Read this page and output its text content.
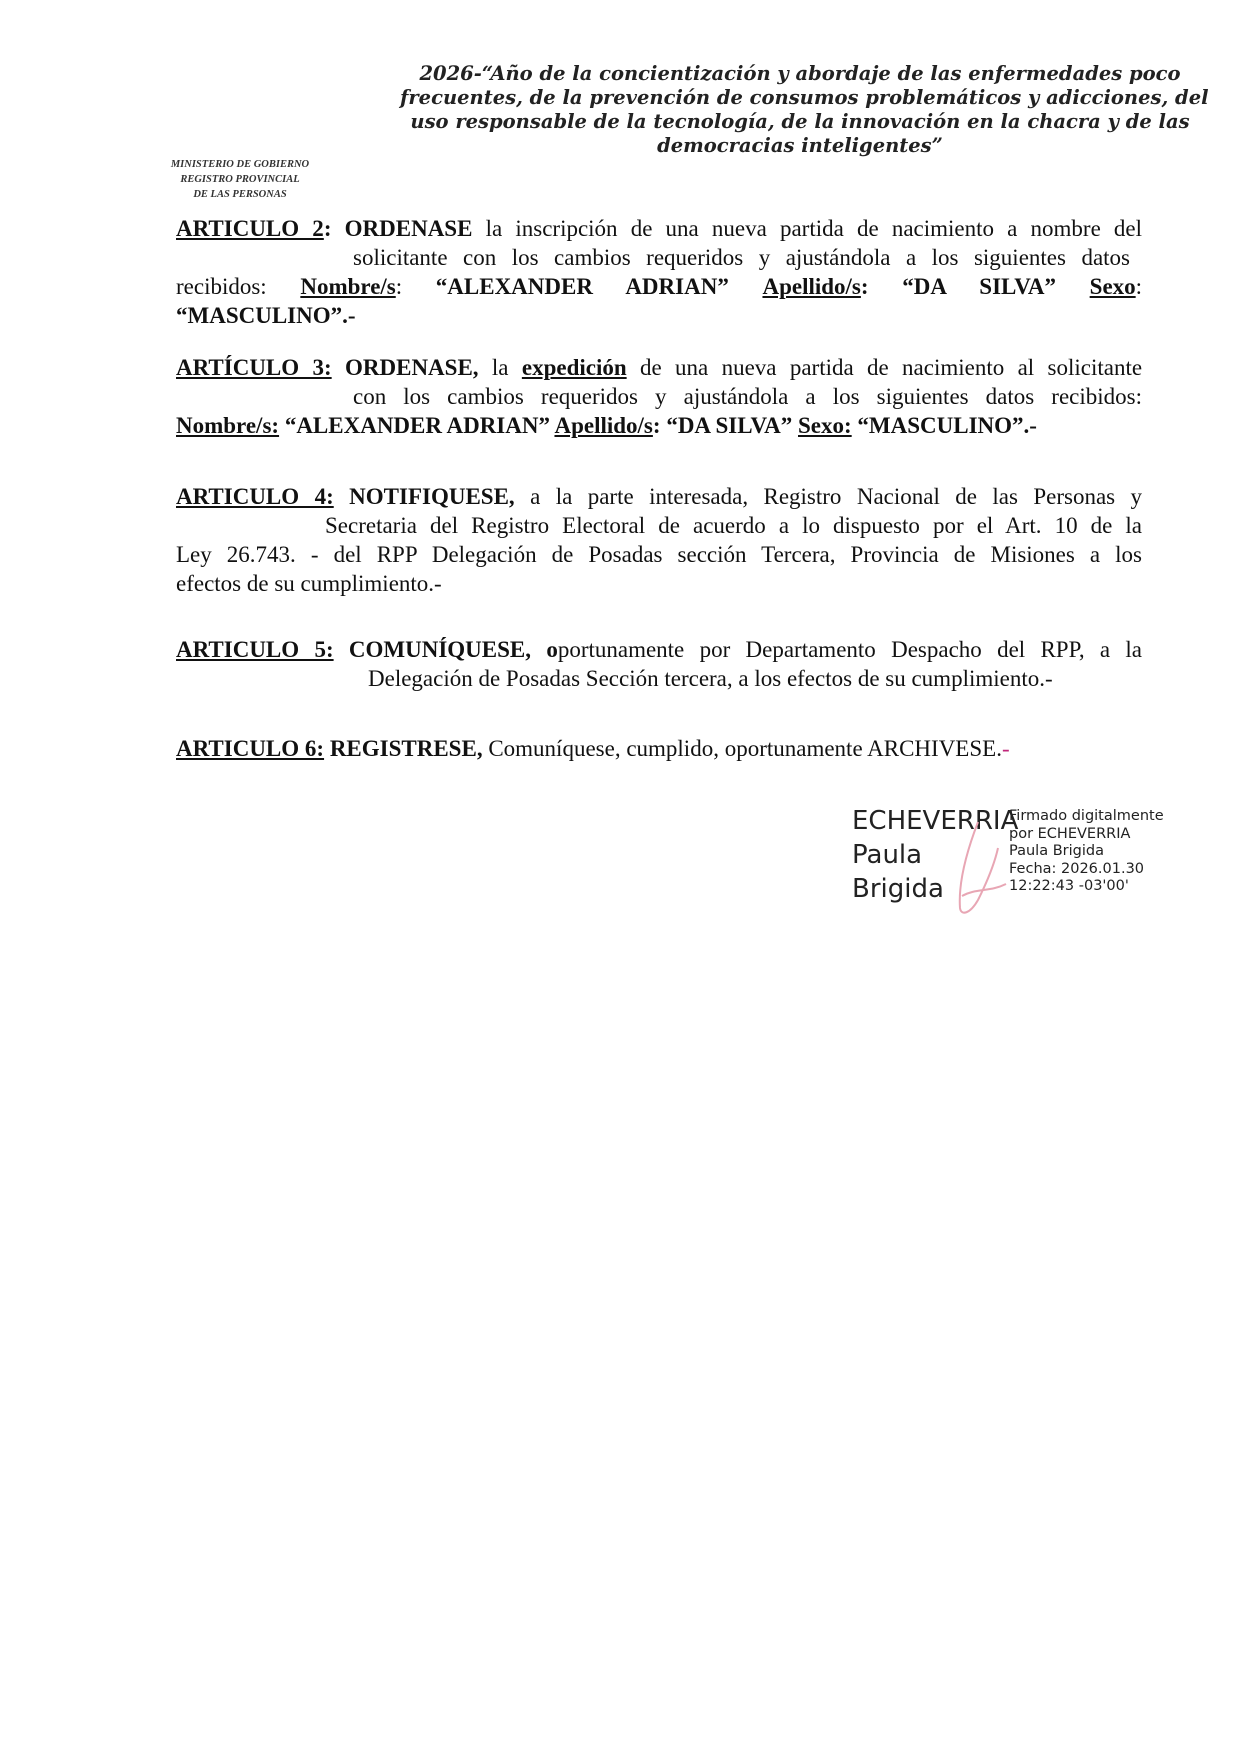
2026-“Año de la concientización y abordaje de las enfermedades poco
frecuentes, de la prevención de consumos problemáticos y adicciones, del
uso responsable de la tecnología, de la innovación en la chacra y de las
democracias inteligentes”
MINISTERIO DE GOBIERNO
REGISTRO PROVINCIAL
DE LAS PERSONAS
ARTICULO 2: ORDENASE la inscripción de una nueva partida de nacimiento a nombre del
solicitante con los cambios requeridos y ajustándola a los siguientes datos
recibidos: Nombre/s: “ALEXANDER ADRIAN” Apellido/s: “DA SILVA” Sexo:
“MASCULINO”.-
ARTÍCULO 3: ORDENASE, la expedición de una nueva partida de nacimiento al solicitante
con los cambios requeridos y ajustándola a los siguientes datos recibidos:
Nombre/s: “ALEXANDER ADRIAN” Apellido/s: “DA SILVA” Sexo: “MASCULINO”.-
ARTICULO 4: NOTIFIQUESE, a la parte interesada, Registro Nacional de las Personas y
Secretaria del Registro Electoral de acuerdo a lo dispuesto por el Art. 10 de la
Ley 26.743. - del RPP Delegación de Posadas sección Tercera, Provincia de Misiones a los
efectos de su cumplimiento.-
ARTICULO 5: COMUNÍQUESE, oportunamente por Departamento Despacho del RPP, a la
Delegación de Posadas Sección tercera, a los efectos de su cumplimiento.-
ARTICULO 6: REGISTRESE, Comuníquese, cumplido, oportunamente ARCHIVESE.-
ECHEVERRIA
Paula
Brigida
Firmado digitalmente
por ECHEVERRIA
Paula Brigida
Fecha: 2026.01.30
12:22:43 -03'00'
